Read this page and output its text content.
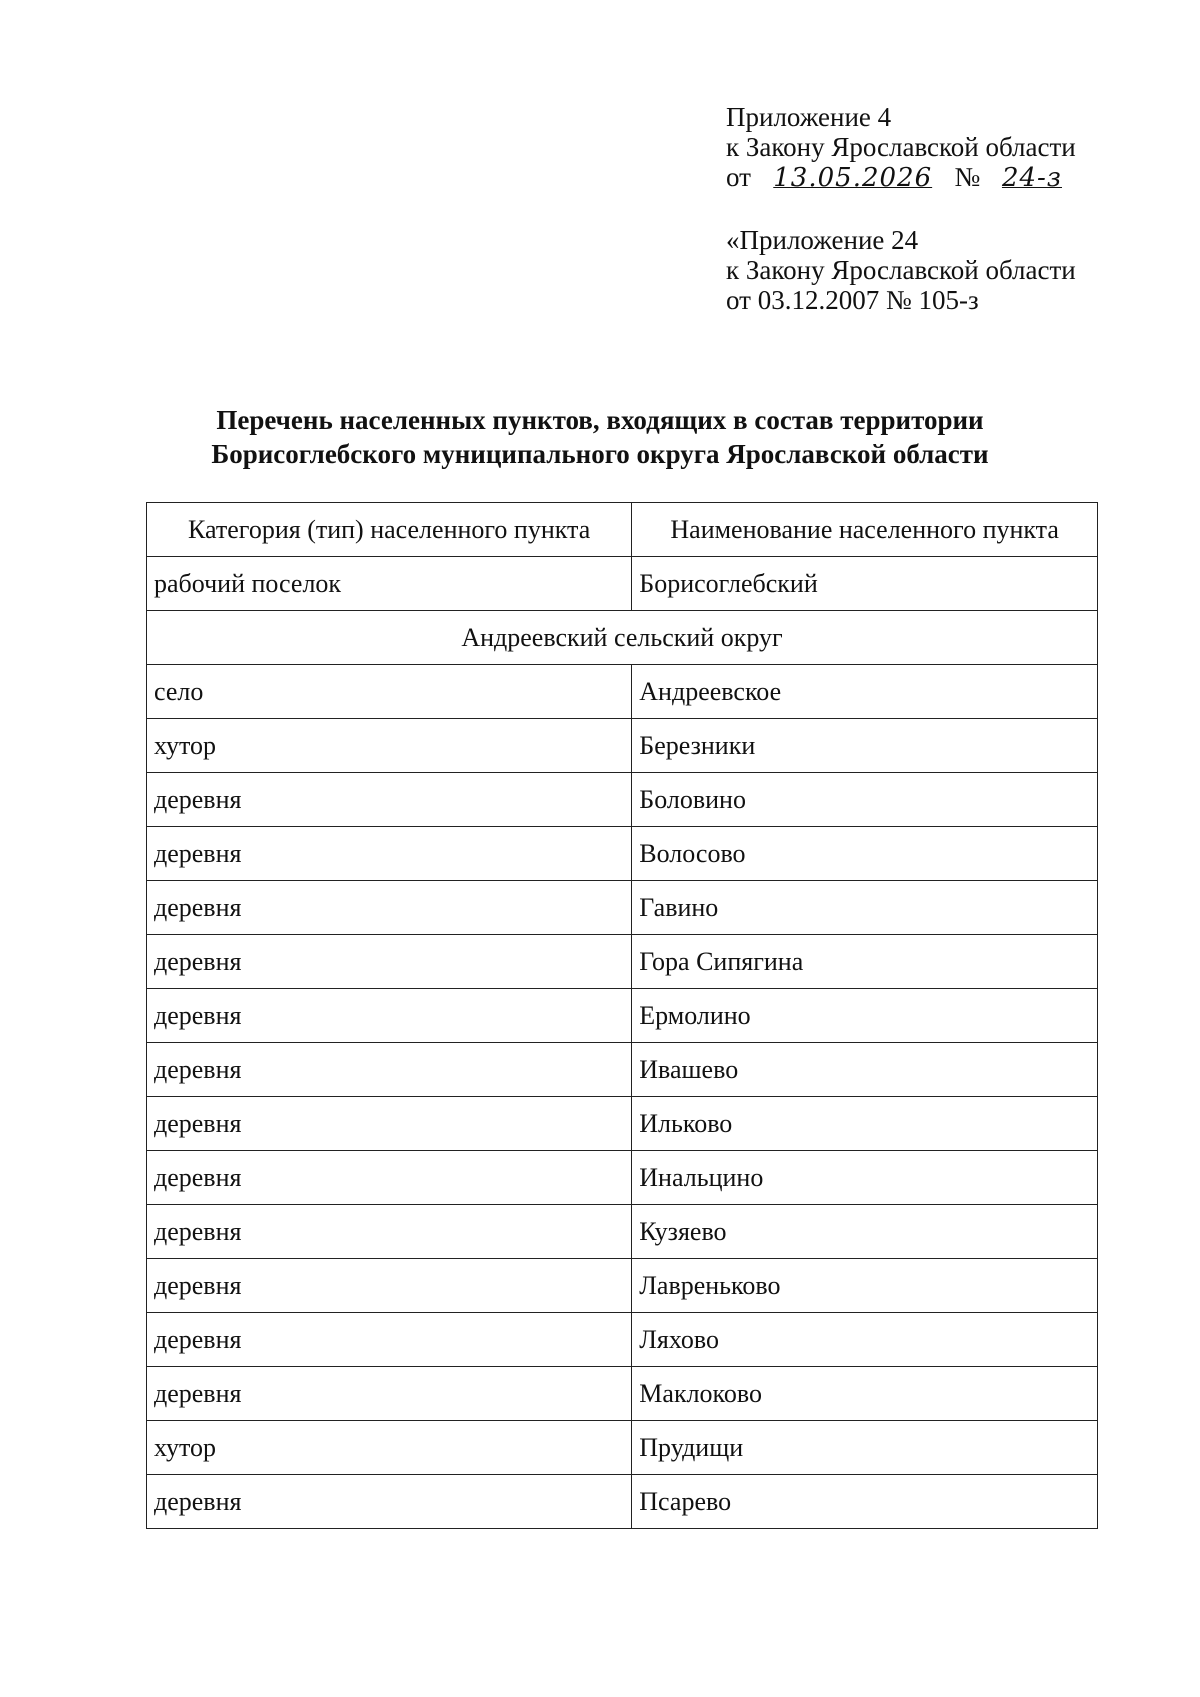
Приложение 4
к Закону Ярославской области
от 13.05.2026 № 24-з
«Приложение 24
к Закону Ярославской области
от 03.12.2007 № 105-з
Перечень населенных пунктов, входящих в состав территории
Борисоглебского муниципального округа Ярославской области
Категория (тип) населенного пункта	Наименование населенного пункта
рабочий поселок	Борисоглебский
Андреевский сельский округ	
село	Андреевское
хутор	Березники
деревня	Боловино
деревня	Волосово
деревня	Гавино
деревня	Гора Сипягина
деревня	Ермолино
деревня	Ивашево
деревня	Ильково
деревня	Инальцино
деревня	Кузяево
деревня	Лавреньково
деревня	Ляхово
деревня	Маклоково
хутор	Прудищи
деревня	Псарево
